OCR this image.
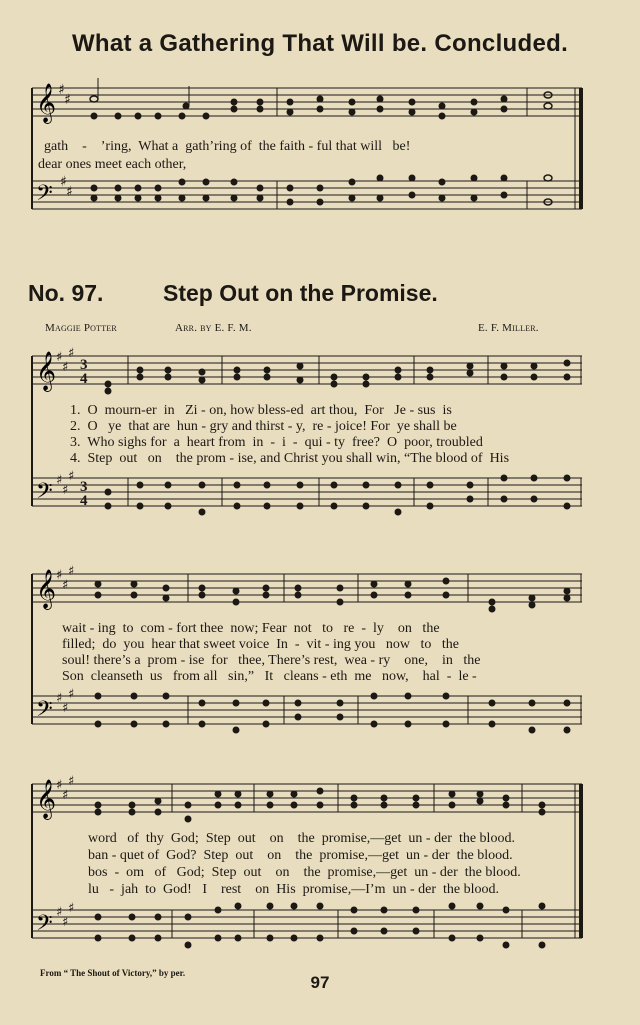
What a Gathering That Will be. Concluded.
𝄞
𝄢
♯
♯
♯
♯
gath    -    ’ring,  What a  gath’ring of  the faith - ful that will   be!
dear ones meet each other,
No. 97.	Step Out on the Promise.
Maggie Potter	Arr. by E. F. M.	E. F. Miller.
𝄞
𝄢
♯
♯
♯
♯
♯
♯
3
4
3
4
1.  O  mourn-er  in   Zi - on, how bless-ed  art thou,  For   Je - sus  is
2.  O   ye  that are  hun - gry and thirst - y,  re - joice! For  ye shall be
3.  Who sighs for  a  heart from  in  -  i  -  qui - ty  free?  O  poor, troubled
4.  Step  out   on    the prom - ise, and Christ you shall win, “The blood of  His
𝄞
𝄢
♯
♯
♯
♯
♯
♯
wait - ing  to  com - fort thee  now; Fear  not   to   re  -  ly    on   the
filled;  do  you  hear that sweet voice  In  -  vit - ing you   now   to   the
soul! there’s a  prom - ise  for   thee, There’s rest,  wea - ry    one,    in   the
Son  cleanseth  us   from all   sin,”   It   cleans - eth  me   now,    hal  -  le -
𝄞
𝄢
♯
♯
♯
♯
♯
♯
word   of  thy  God;  Step  out    on    the  promise,—get  un - der  the blood.
ban - quet of  God?  Step  out    on    the  promise,—get  un - der  the blood.
bos  -  om   of   God;  Step  out    on    the  promise,—get  un - der  the blood.
lu   -  jah  to  God!   I    rest    on  His  promise,—I’m  un - der  the blood.
From “ The Shout of Victory,” by per.	97
